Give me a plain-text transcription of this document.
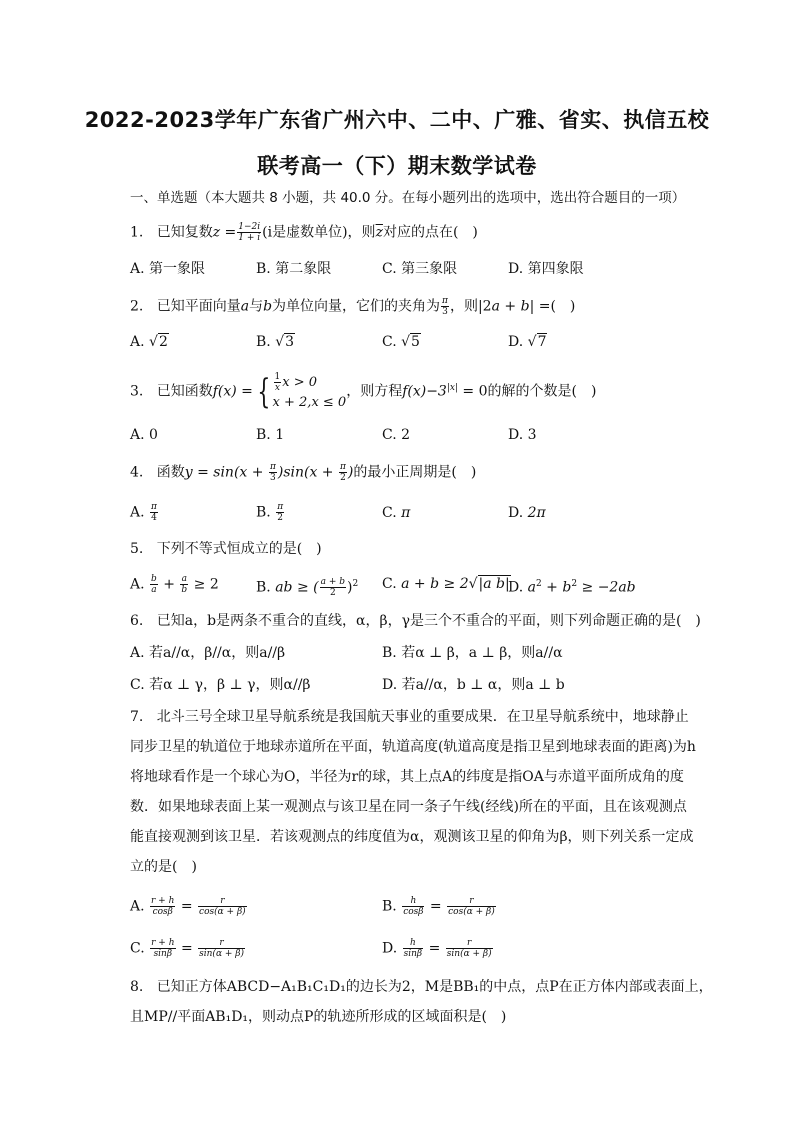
2022-2023学年广东省广州六中、二中、广雅、省实、执信五校
联考高一（下）期末数学试卷
一、单选题（本大题共 8 小题，共 40.0 分。在每小题列出的选项中，选出符合题目的一项）
1. 已知复数$z = \frac{1-2i}{1 + i} (i$是虚数单位)，则$\overline{z}$对应的点在(　)
A. 第一象限	B. 第二象限	C. 第三象限	D. 第四象限
2. 已知平面向量a与b为单位向量，它们的夹角为 $\frac{\pi}{3}$ ，则|2a + b| =(　)
A. √2	B. √3	C. √5	D. √7
3. 已知函数f(x) = { $\frac{1}{x}$ x > 0
x + 2,x ≤ 0
，则方程$f(x)-3^{|x|} = 0$的解的个数是(　)
A. 0	B. 1	C. 2	D. 3
4. 函数$y = \sin(x + \frac{\pi}{3} )\sin(x + \frac{\pi}{2}$ )的最小正周期是(　)
A. $\frac{\pi}{4}$	B. $\frac{\pi}{2}$	C. π	D. 2π
5. 下列不等式恒成立的是(　)
A. $\frac{b}{a} + \frac{a}{b} \ge 2$	B. ab ≥ ( $\frac{a + b}{2} )^2$ C. a + b ≥ 2√|a b|
D. $a^2 + b^2 \ge -2ab$
6. 已知a，b是两条不重合的直线，α，β，γ是三个不重合的平面，则下列命题正确的是(　)
A. 若a//α，β//α，则a//β	B. 若α ⊥ β，a ⊥ β，则a//α
C. 若α ⊥ γ，β ⊥ γ，则α//β	D. 若a//α，b ⊥ α，则a ⊥ b
7. 北斗三号全球卫星导航系统是我国航天事业的重要成果．在卫星导航系统中，地球静止
同步卫星的轨道位于地球赤道所在平面，轨道高度(轨道高度是指卫星到地球表面的距离)为h
将地球看作是一个球心为O，半径为r的球，其上点A的纬度是指OA与赤道平面所成角的度
数．如果地球表面上某一观测点与该卫星在同一条子午线(经线)所在的平面，且在该观测点
能直接观测到该卫星．若该观测点的纬度值为α，观测该卫星的仰角为β，则下列关系一定成
立的是(　)
A. $\frac{r + h}{\cos\beta} = \frac{r}{\cos(\alpha + \beta)}$	B. $\frac{h}{\cos\beta} = \frac{r}{\cos(\alpha + \beta)}$
C. $\frac{r + h}{\sin\beta} = \frac{r}{\sin(\alpha + \beta)}$	D. $\frac{h}{\sin\beta} = \frac{r}{\sin(\alpha + \beta)}$
8. 已知正方体ABCD−A₁B₁C₁D₁的边长为2，M是BB₁的中点，点P在正方体内部或表面上，
且MP//平面AB₁D₁，则动点P的轨迹所形成的区域面积是(　)
